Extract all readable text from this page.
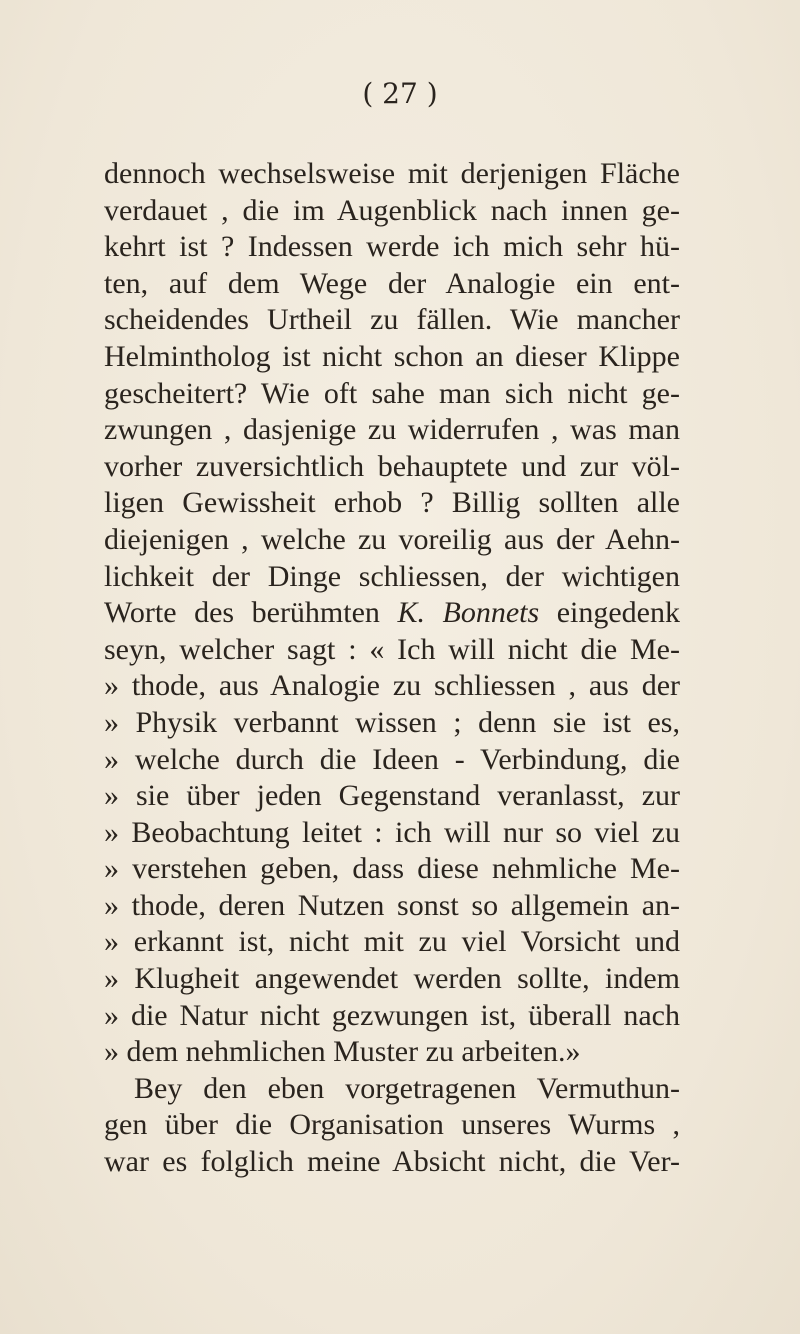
( 27 )

dennoch wechselsweise mit derjenigen Fläche
verdauet , die im Augenblick nach innen ge-
kehrt ist ? Indessen werde ich mich sehr hü-
ten, auf dem Wege der Analogie ein ent-
scheidendes Urtheil zu fällen. Wie mancher
Helmintholog ist nicht schon an dieser Klippe
gescheitert? Wie oft sahe man sich nicht ge-
zwungen , dasjenige zu widerrufen , was man
vorher zuversichtlich behauptete und zur völ-
ligen Gewissheit erhob ? Billig sollten alle
diejenigen , welche zu voreilig aus der Aehn-
lichkeit der Dinge schliessen, der wichtigen
Worte des berühmten K. Bonnets eingedenk
seyn, welcher sagt : « Ich will nicht die Me-
» thode, aus Analogie zu schliessen , aus der
» Physik verbannt wissen ; denn sie ist es,
» welche durch die Ideen - Verbindung, die
» sie über jeden Gegenstand veranlasst, zur
» Beobachtung leitet : ich will nur so viel zu
» verstehen geben, dass diese nehmliche Me-
» thode, deren Nutzen sonst so allgemein an-
» erkannt ist, nicht mit zu viel Vorsicht und
» Klugheit angewendet werden sollte, indem
» die Natur nicht gezwungen ist, überall nach
» dem nehmlichen Muster zu arbeiten.»
Bey den eben vorgetragenen Vermuthun-
gen über die Organisation unseres Wurms ,
war es folglich meine Absicht nicht, die Ver-
